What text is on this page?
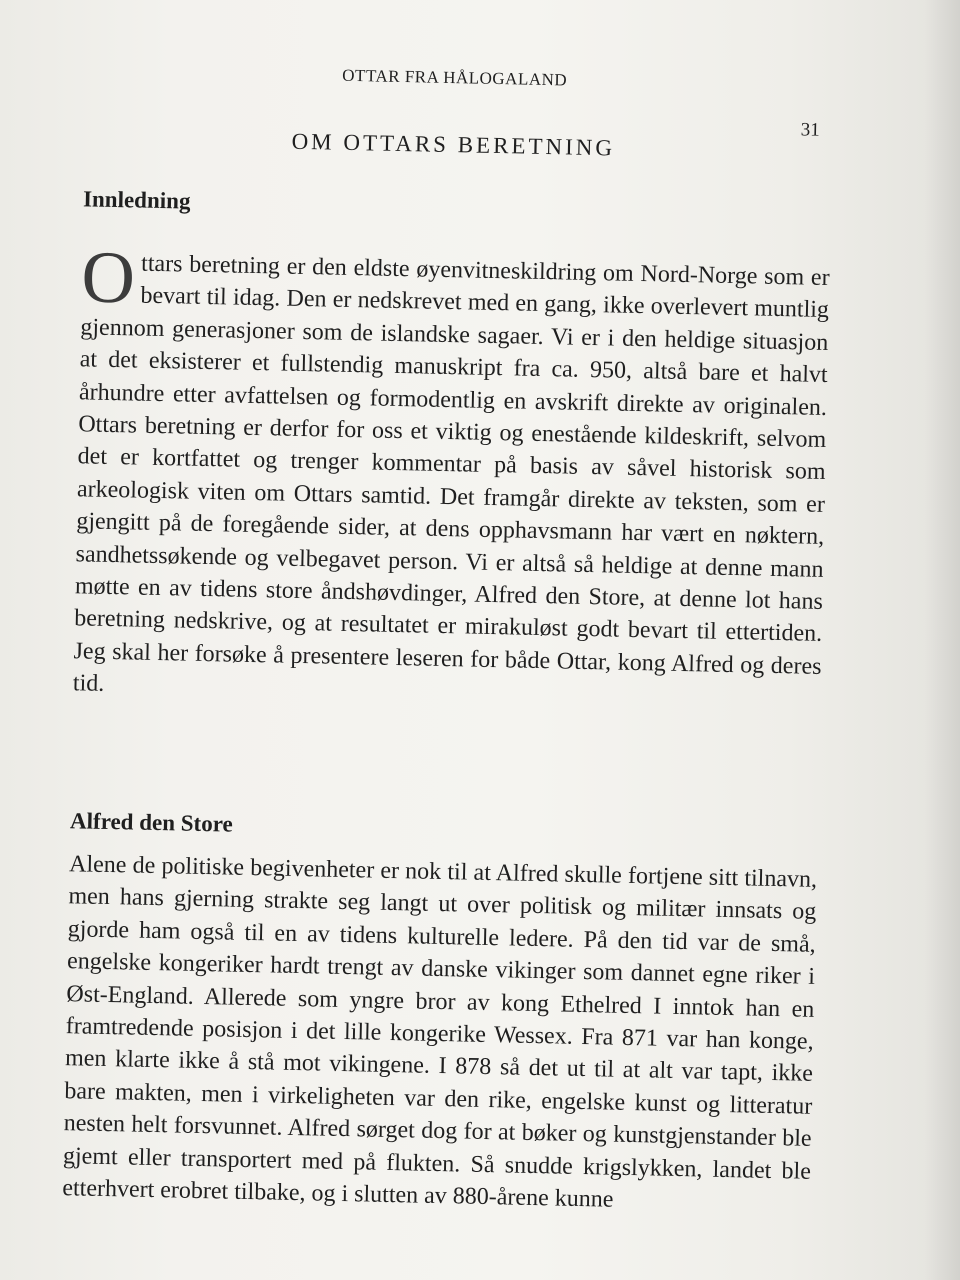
OTTAR FRA HÅLOGALAND
31
OM OTTARS BERETNING
Innledning

Ottars beretning er den eldste øyenvitneskildring om Nord-Norge som er bevart til idag. Den er nedskrevet med en gang, ikke overlevert muntlig gjennom generasjoner som de islandske sagaer. Vi er i den heldige situasjon at det eksisterer et fullstendig manuskript fra ca. 950, altså bare et halvt århundre etter avfattelsen og formodentlig en avskrift direkte av originalen. Ottars beretning er derfor for oss et viktig og enestående kildeskrift, selvom det er kortfattet og trenger kommentar på basis av såvel historisk som arkeologisk viten om Ottars samtid. Det framgår direkte av teksten, som er gjengitt på de foregående sider, at dens opphavsmann har vært en nøktern, sandhetssøkende og velbegavet person. Vi er altså så heldige at denne mann møtte en av tidens store åndshøvdinger, Alfred den Store, at denne lot hans beretning nedskrive, og at resultatet er mirakuløst godt bevart til ettertiden. Jeg skal her forsøke å presentere leseren for både Ottar, kong Alfred og deres tid.

Alfred den Store

Alene de politiske begivenheter er nok til at Alfred skulle fortjene sitt tilnavn, men hans gjerning strakte seg langt ut over politisk og militær innsats og gjorde ham også til en av tidens kulturelle ledere. På den tid var de små, engelske kongeriker hardt trengt av danske vikinger som dannet egne riker i Øst-England. Allerede som yngre bror av kong Ethelred I inntok han en framtredende posisjon i det lille kongerike Wessex. Fra 871 var han konge, men klarte ikke å stå mot vikingene. I 878 så det ut til at alt var tapt, ikke bare makten, men i virkeligheten var den rike, engelske kunst og litteratur nesten helt forsvunnet. Alfred sørget dog for at bøker og kunstgjenstander ble gjemt eller transportert med på flukten. Så snudde krigslykken, landet ble etterhvert erobret tilbake, og i slutten av 880-årene kunne
